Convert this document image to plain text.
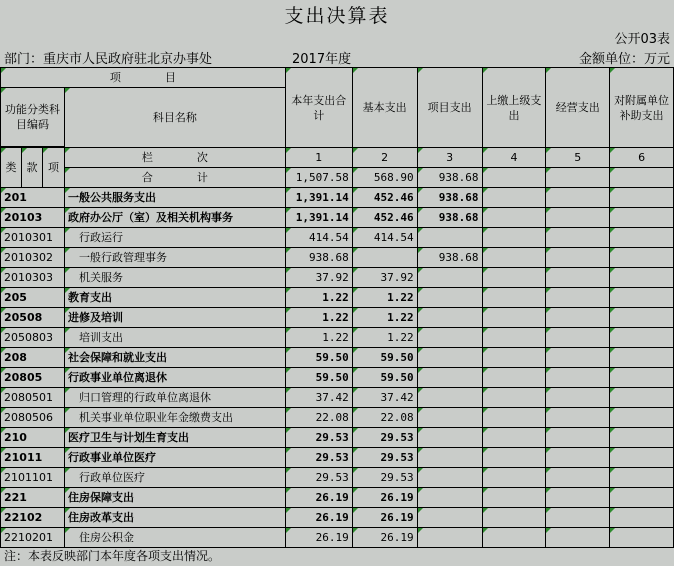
支出决算表
公开03表
部门：重庆市人民政府驻北京办事处	2017年度	金额单位：万元
项　　　　目				本年支出合计	基本支出	项目支出	上缴上级支出	经营支出	对附属单位补助支出
功能分类科目编码			科目名称						

类	款	项	栏　　　　次	1	2	3	4	5	6
			合　　　　计	1,507.58	568.90	938.68			
201			一般公共服务支出	1,391.14	452.46	938.68			
20103			政府办公厅（室）及相关机构事务	1,391.14	452.46	938.68			
2010301			行政运行	414.54	414.54				
2010302			一般行政管理事务	938.68		938.68			
2010303			机关服务	37.92	37.92				
205			教育支出	1.22	1.22				
20508			进修及培训	1.22	1.22				
2050803			培训支出	1.22	1.22				
208			社会保障和就业支出	59.50	59.50				
20805			行政事业单位离退休	59.50	59.50				
2080501			归口管理的行政单位离退休	37.42	37.42				
2080506			机关事业单位职业年金缴费支出	22.08	22.08				
210			医疗卫生与计划生育支出	29.53	29.53				
21011			行政事业单位医疗	29.53	29.53				
2101101			行政单位医疗	29.53	29.53				
221			住房保障支出	26.19	26.19				
22102			住房改革支出	26.19	26.19				
2210201			住房公积金	26.19	26.19				
注：本表反映部门本年度各项支出情况。
